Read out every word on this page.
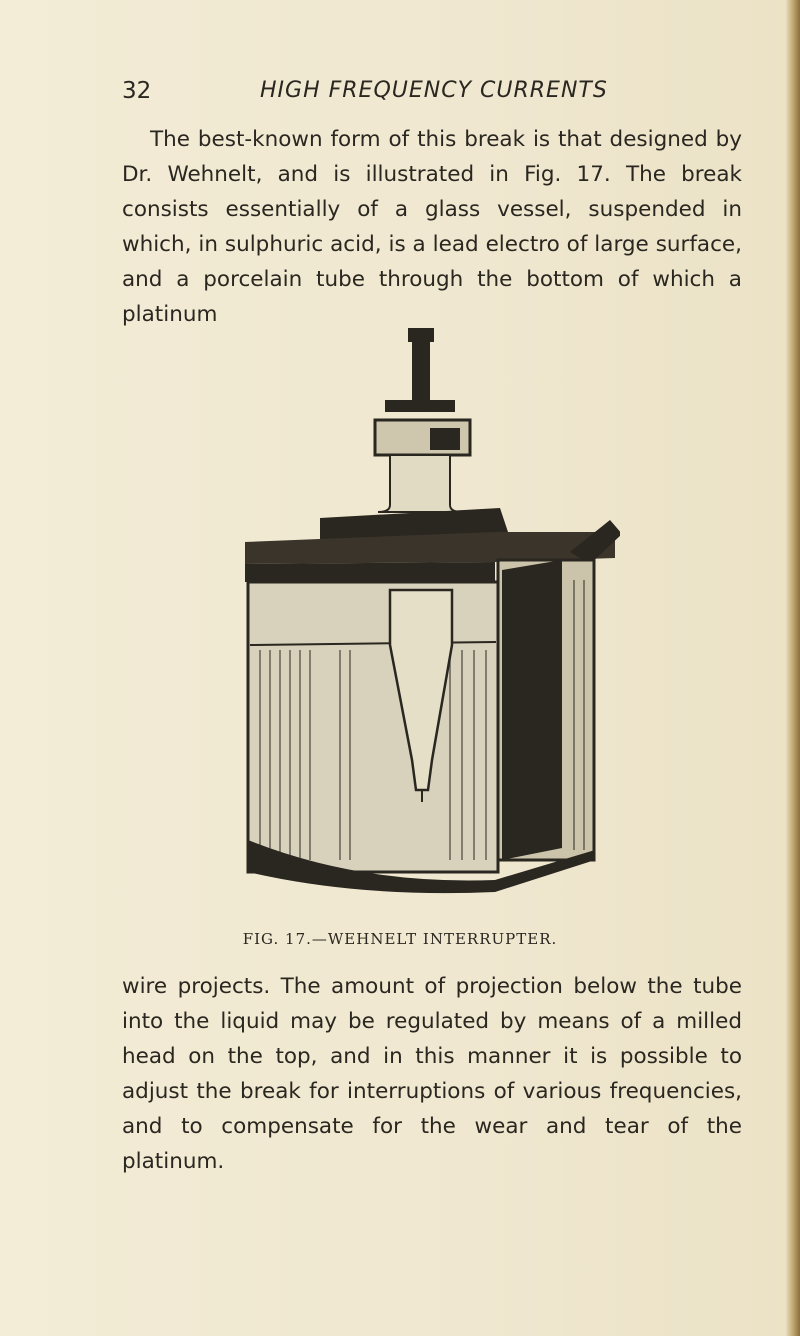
32	HIGH FREQUENCY CURRENTS

The best-known form of this break is that designed by Dr. Wehnelt, and is illustrated in Fig. 17. The break consists essentially of a glass vessel, suspended in which, in sulphuric acid, is a lead electro of large surface, and a porcelain tube through the bottom of which a platinum

FIG. 17.—WEHNELT INTERRUPTER.

wire projects. The amount of projection below the tube into the liquid may be regulated by means of a milled head on the top, and in this manner it is possible to adjust the break for interruptions of various frequencies, and to compensate for the wear and tear of the platinum.
